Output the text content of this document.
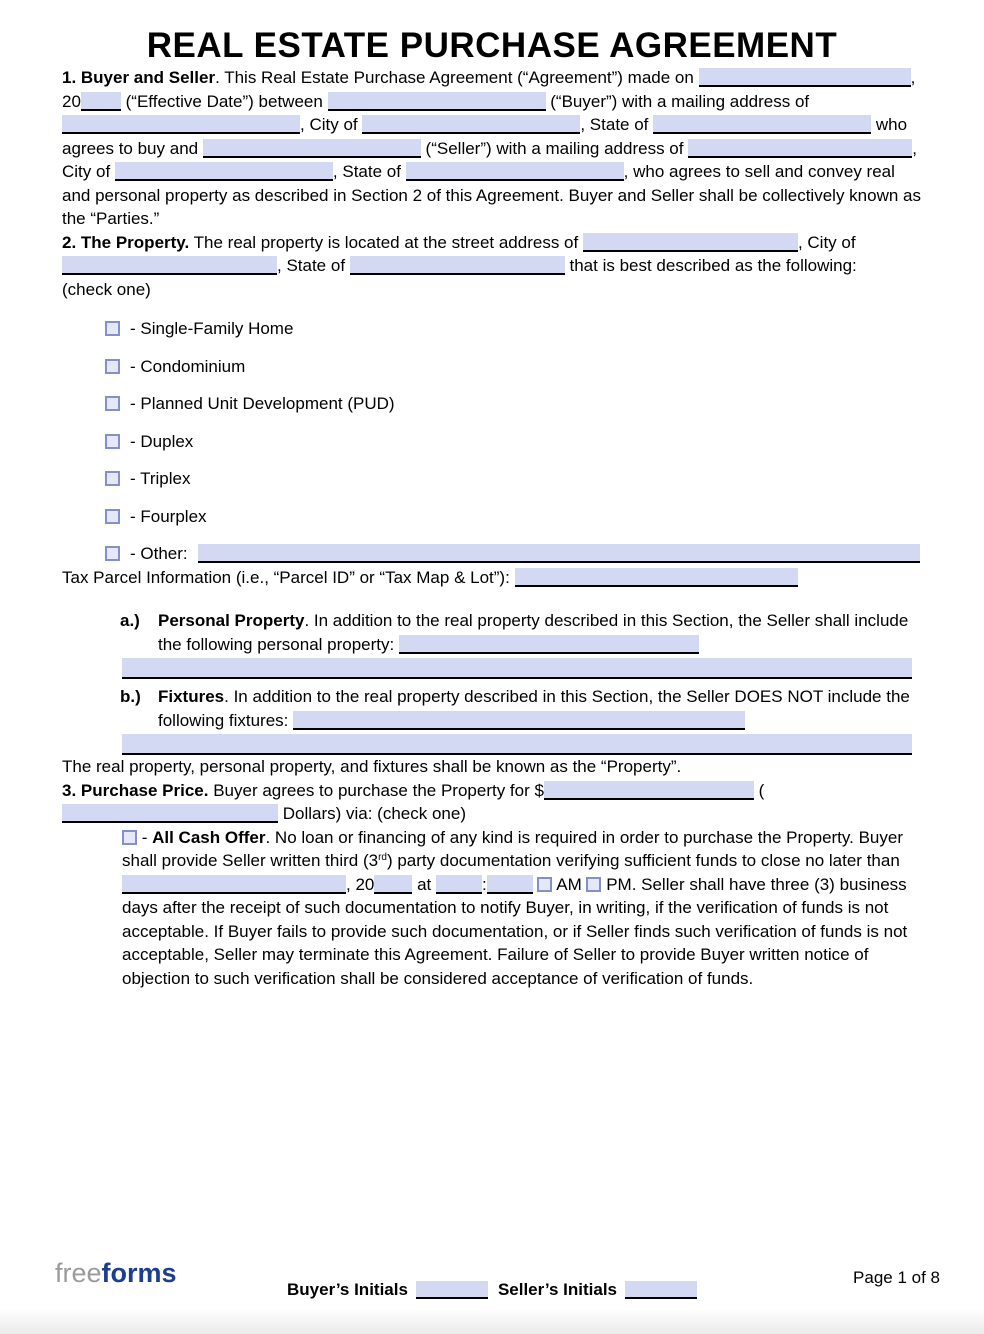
REAL ESTATE PURCHASE AGREEMENT

1. Buyer and Seller. This Real Estate Purchase Agreement (“Agreement”) made on	, 20 (“Effective Date”) between	(“Buyer”) with a mailing address of , City of	, State of	who agrees to buy and	(“Seller”) with a mailing address of	, City of	, State of	, who agrees to sell and convey real and personal property as described in Section 2 of this Agreement. Buyer and Seller shall be collectively known as the “Parties.”

2. The Property. The real property is located at the street address of	, City of , State of	that is best described as the following:

(check one)

- Single-Family Home
- Condominium
- Planned Unit Development (PUD)
- Duplex
- Triplex
- Fourplex
- Other:

Tax Parcel Information (i.e., “Parcel ID” or “Tax Map & Lot”):

a.) Personal Property. In addition to the real property described in this Section, the Seller shall include the following personal property:

b.) Fixtures. In addition to the real property described in this Section, the Seller DOES NOT include the following fixtures:

The real property, personal property, and fixtures shall be known as the “Property”.

3. Purchase Price. Buyer agrees to purchase the Property for $	( Dollars) via: (check one)

- All Cash Offer. No loan or financing of any kind is required in order to purchase the Property. Buyer shall provide Seller written third (3rd) party documentation verifying sufficient funds to close no later than , 20 at	:	AM  PM. Seller shall have three (3) business days after the receipt of such documentation to notify Buyer, in writing, if the verification of funds is not acceptable. If Buyer fails to provide such documentation, or if Seller finds such verification of funds is not acceptable, Seller may terminate this Agreement. Failure of Seller to provide Buyer written notice of objection to such verification shall be considered acceptance of verification of funds.

freeforms
Buyer’s Initials	Seller’s Initials
Page 1 of 8
